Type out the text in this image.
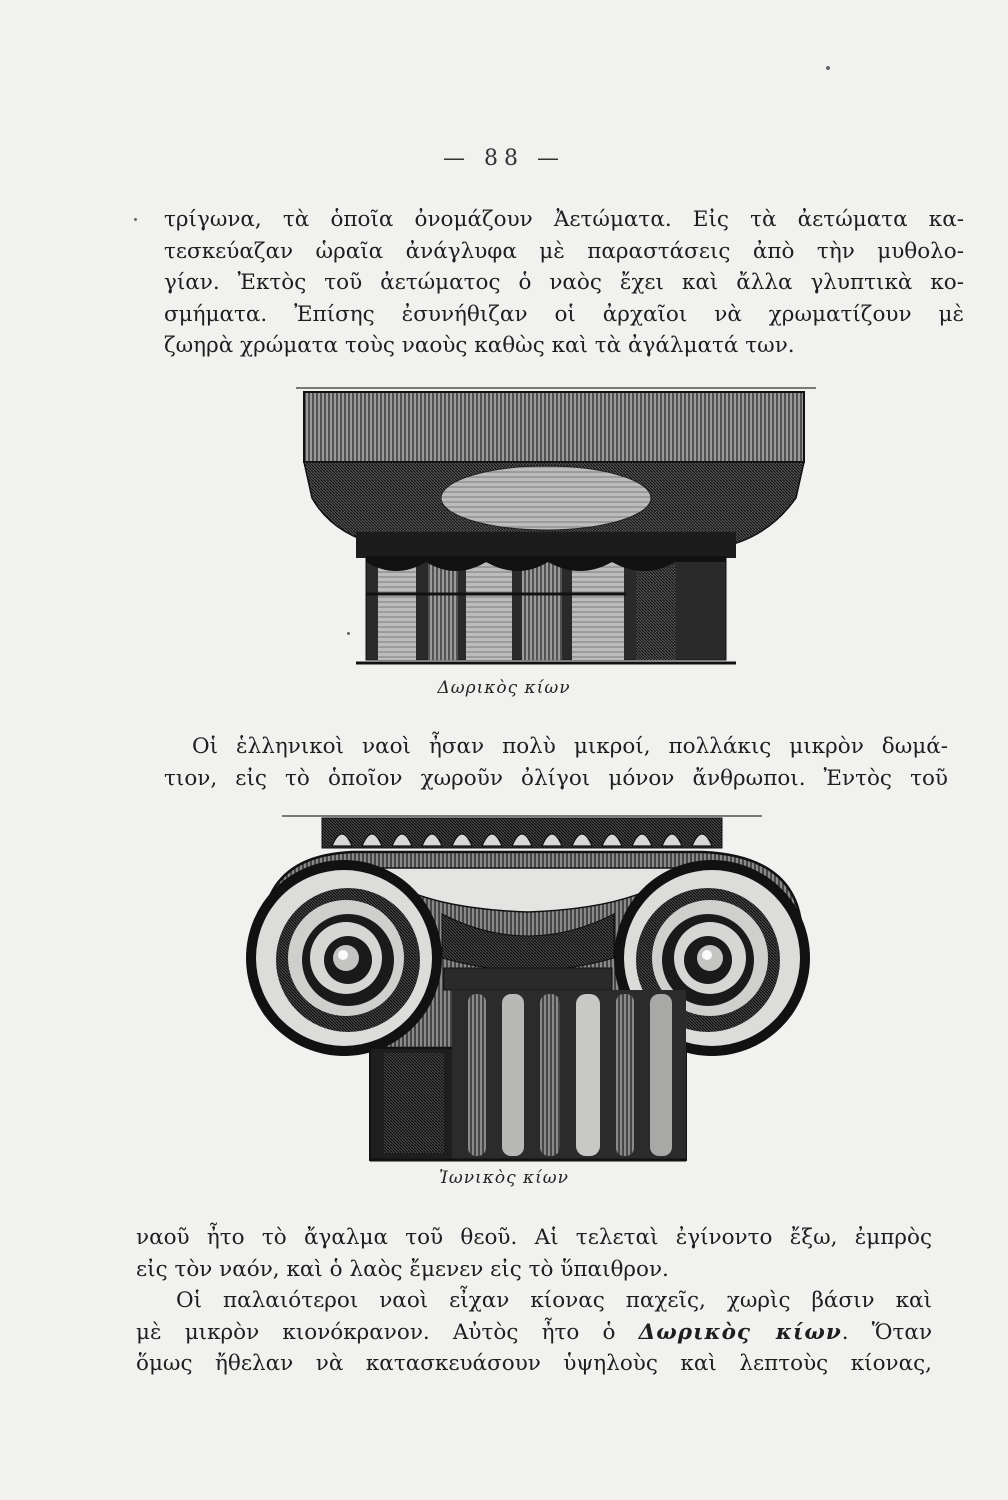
— 88 —
τρίγωνα, τὰ ὁποῖα ὀνομάζουν Ἀετώματα. Εἰς τὰ ἀετώματα κα-
τεσκεύαζαν ὡραῖα ἀνάγλυφα μὲ παραστάσεις ἀπὸ τὴν μυθολο-
γίαν. Ἐκτὸς τοῦ ἀετώματος ὁ ναὸς ἔχει καὶ ἄλλα γλυπτικὰ κο-
σμήματα. Ἐπίσης ἐσυνήθιζαν οἱ ἀρχαῖοι νὰ χρωματίζουν μὲ
ζωηρὰ χρώματα τοὺς ναοὺς καθὼς καὶ τὰ ἀγάλματά των.
Δωρικὸς κίων
Οἱ ἑλληνικοὶ ναοὶ ἦσαν πολὺ μικροί, πολλάκις μικρὸν δωμά-
τιον, εἰς τὸ ὁποῖον χωροῦν ὀλίγοι μόνον ἄνθρωποι. Ἐντὸς τοῦ
Ἰωνικὸς κίων
ναοῦ ἦτο τὸ ἄγαλμα τοῦ θεοῦ. Αἱ τελεταὶ ἐγίνοντο ἔξω, ἐμπρὸς
εἰς τὸν ναόν, καὶ ὁ λαὸς ἔμενεν εἰς τὸ ὕπαιθρον.
Οἱ παλαιότεροι ναοὶ εἶχαν κίονας παχεῖς, χωρὶς βάσιν καὶ
μὲ μικρὸν κιονόκρανον. Αὐτὸς ἦτο ὁ Δωρικὸς κίων. Ὅταν
ὅμως ἤθελαν νὰ κατασκευάσουν ὑψηλοὺς καὶ λεπτοὺς κίονας,
